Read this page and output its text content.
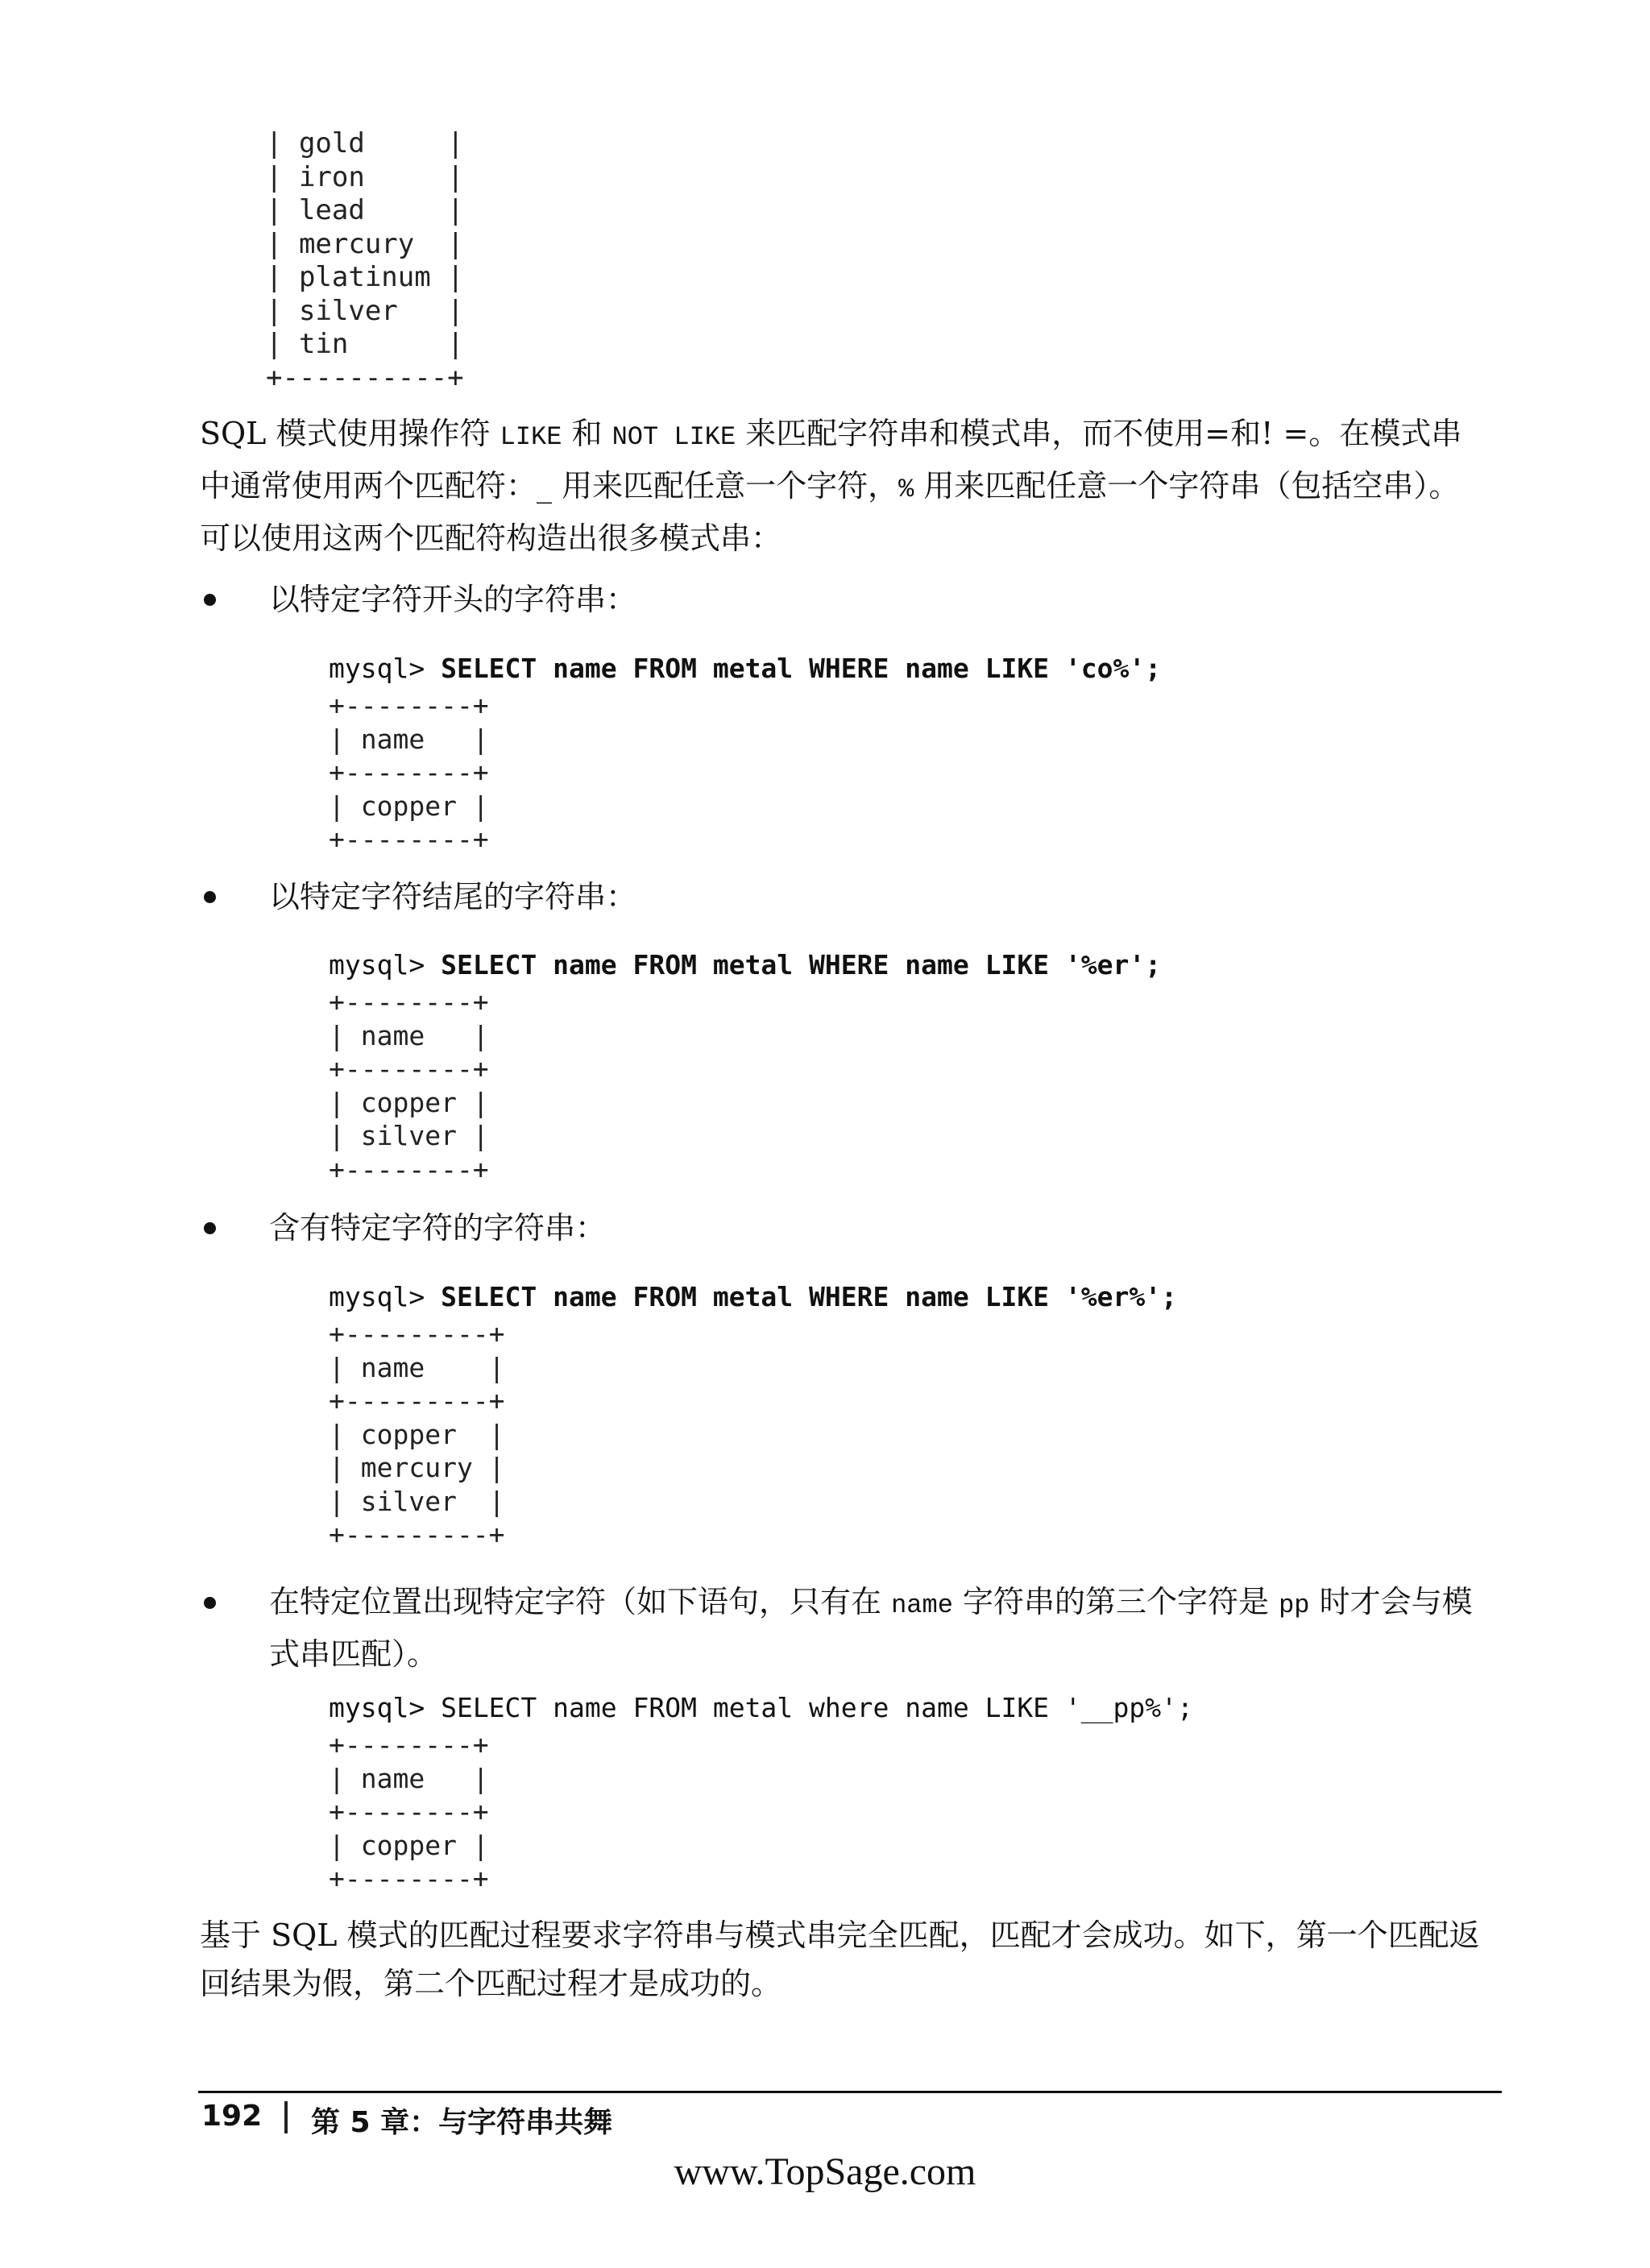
| gold     |
| iron     |
| lead     |
| mercury  |
| platinum |
| silver   |
| tin      |
+----------+
SQL 模式使用操作符 LIKE 和 NOT LIKE 来匹配字符串和模式串，而不使用=和! =。在模式串中通常使用两个匹配符：_ 用来匹配任意一个字符，% 用来匹配任意一个字符串（包括空串）。可以使用这两个匹配符构造出很多模式串：
以特定字符开头的字符串：
mysql> SELECT name FROM metal WHERE name LIKE 'co%';
+--------+
| name   |
+--------+
| copper |
+--------+
以特定字符结尾的字符串：
mysql> SELECT name FROM metal WHERE name LIKE '%er';
+--------+
| name   |
+--------+
| copper |
| silver |
+--------+
含有特定字符的字符串：
mysql> SELECT name FROM metal WHERE name LIKE '%er%';
+---------+
| name    |
+---------+
| copper  |
| mercury |
| silver  |
+---------+
在特定位置出现特定字符（如下语句，只有在 name 字符串的第三个字符是 pp 时才会与模式串匹配）。
mysql> SELECT name FROM metal where name LIKE '__pp%';
+--------+
| name   |
+--------+
| copper |
+--------+
基于 SQL 模式的匹配过程要求字符串与模式串完全匹配，匹配才会成功。如下，第一个匹配返回结果为假，第二个匹配过程才是成功的。
192 第 5 章：与字符串共舞
www.TopSage.com
